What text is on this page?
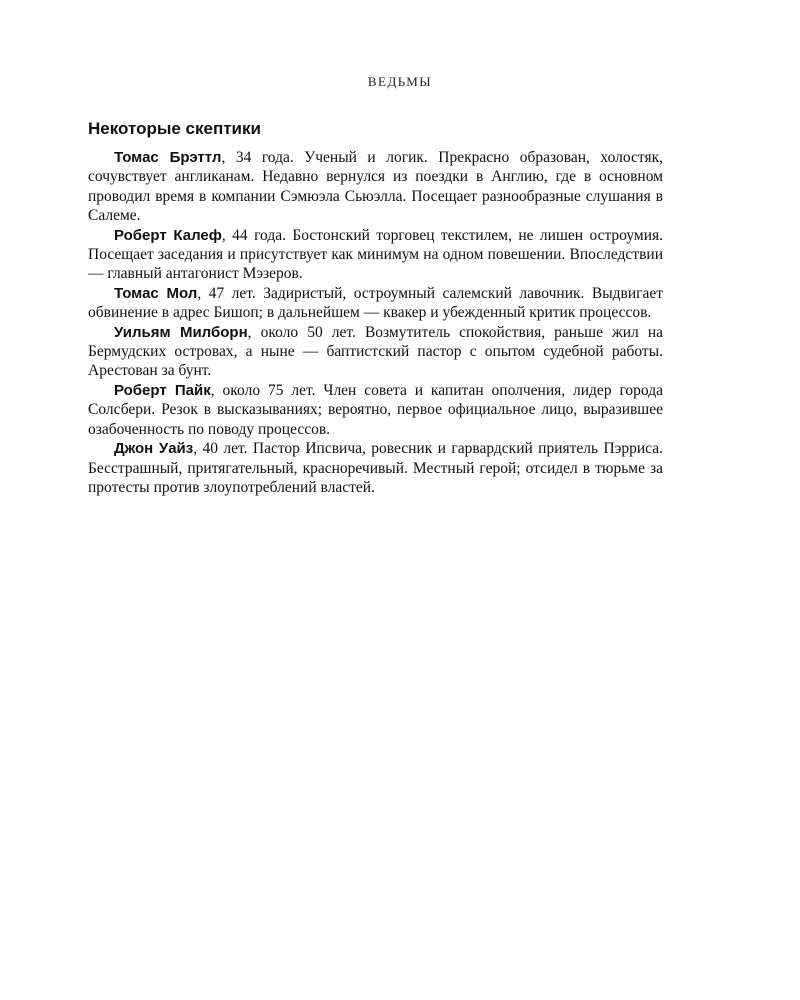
ВЕДЬМЫ
Некоторые скептики

Томас Брэттл, 34 года. Ученый и логик. Прекрасно образован, холостяк, сочувствует англиканам. Недавно вернулся из поездки в Англию, где в основном проводил время в компании Сэмюэла Сьюэлла. Посещает разнообразные слушания в Салеме.

Роберт Калеф, 44 года. Бостонский торговец текстилем, не лишен остроумия. Посещает заседания и присутствует как минимум на одном повешении. Впоследствии — главный антагонист Мэзеров.

Томас Мол, 47 лет. Задиристый, остроумный салемский лавочник. Выдвигает обвинение в адрес Бишоп; в дальнейшем — квакер и убежденный критик процессов.

Уильям Милборн, около 50 лет. Возмутитель спокойствия, раньше жил на Бермудских островах, а ныне — баптистский пастор с опытом судебной работы. Арестован за бунт.

Роберт Пайк, около 75 лет. Член совета и капитан ополчения, лидер города Солсбери. Резок в высказываниях; вероятно, первое официальное лицо, выразившее озабоченность по поводу процессов.

Джон Уайз, 40 лет. Пастор Ипсвича, ровесник и гарвардский приятель Пэрриса. Бесстрашный, притягательный, красноречивый. Местный герой; отсидел в тюрьме за протесты против злоупотреблений властей.
